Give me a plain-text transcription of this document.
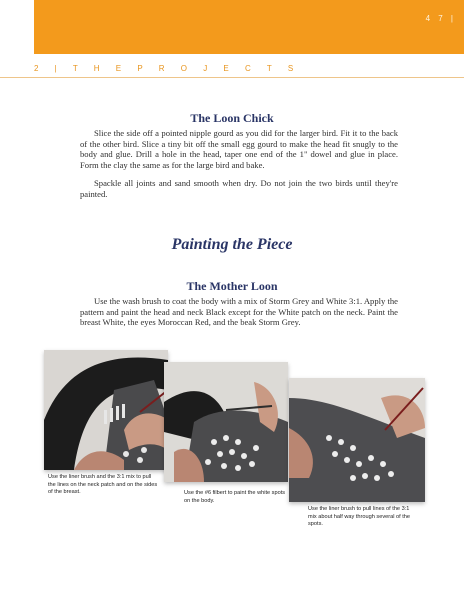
4 7 |
2 | T H E P R O J E C T S
The Loon Chick

Slice the side off a pointed nipple gourd as you did for the larger bird. Fit it to the back of the other bird. Slice a tiny bit off the small egg gourd to make the head fit snugly to the body and glue. Drill a hole in the head, taper one end of the 1" dowel and glue in place. Form the clay the same as for the large bird and bake.

Spackle all joints and sand smooth when dry. Do not join the two birds until they're painted.

Painting the Piece
The Mother Loon

Use the wash brush to coat the body with a mix of Storm Grey and White 3:1. Apply the pattern and paint the head and neck Black except for the White patch on the neck. Paint the breast White, the eyes Moroccan Red, and the beak Storm Grey.

Use the liner brush and the 3:1 mix to pull the lines on the neck patch and on the sides of the breast.	Use the #6 filbert to paint the white spots on the body.

Use the liner brush to pull lines of the 3:1 mix about half way through several of the spots.
